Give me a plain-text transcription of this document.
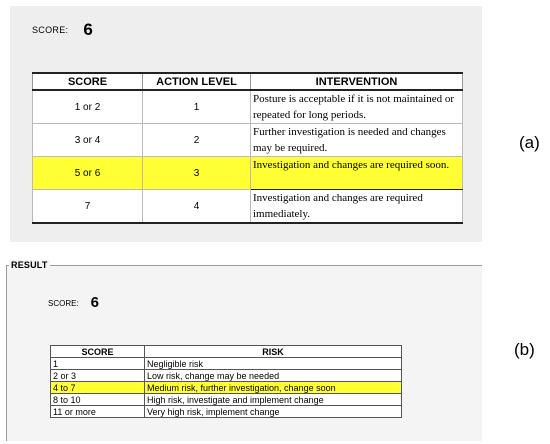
SCORE: 6
SCORE	ACTION LEVEL	INTERVENTION
1 or 2	1	Posture is acceptable if it is not maintained or repeated for long periods.
3 or 4	2	Further investigation is needed and changes may be required.
5 or 6	3	Investigation and changes are required soon.
7	4	Investigation and changes are required immediately.
(a)
RESULT
SCORE: 6
SCORE	RISK
1	Negligible risk
2 or 3	Low risk, change may be needed
4 to 7	Medium risk, further investigation, change soon
8 to 10	High risk, investigate and implement change
11 or more	Very high risk, implement change
(b)
